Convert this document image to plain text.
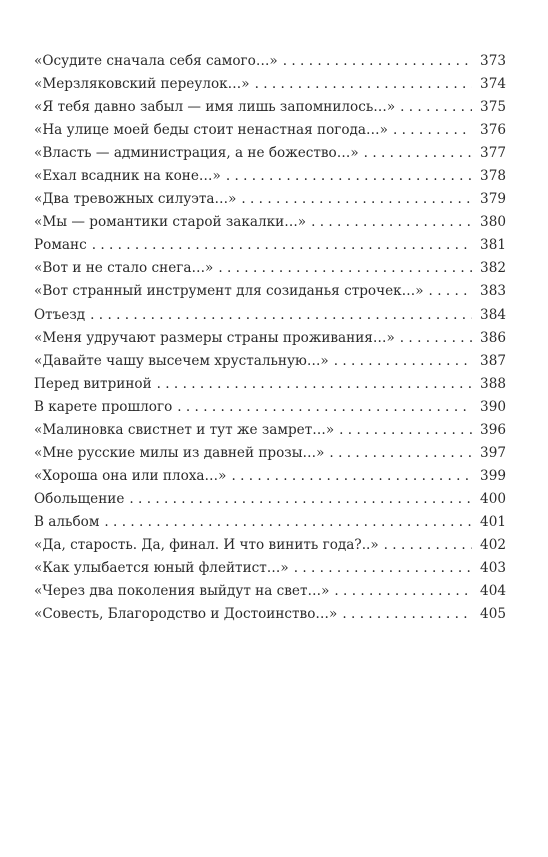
«Осудите сначала себя самого…» . . .	373
«Мерзляковский переулок…» . . .	374
«Я тебя давно забыл — имя лишь запомнилось…» . . .	375
«На улице моей беды стоит ненастная погода…» . . .	376
«Власть — администрация, а не божество…» . . .	377
«Ехал всадник на коне…» . . .	378
«Два тревожных силуэта…» . . .	379
«Мы — романтики старой закалки…» . . .	380
Романс . . .	381
«Вот и не стало снега…» . . .	382
«Вот странный инструмент для созиданья строчек…» . . .	383
Отъезд . . .	384
«Меня удручают размеры страны проживания…» . . .	386
«Давайте чашу высечем хрустальную…» . . .	387
Перед витриной . . .	388
В карете прошлого . . .	390
«Малиновка свистнет и тут же замрет…» . . .	396
«Мне русские милы из давней прозы…» . . .	397
«Хороша она или плоха…» . . .	399
Обольщение . . .	400
В альбом . . .	401
«Да, старость. Да, финал. И что винить года?..» . . .	402
«Как улыбается юный флейтист…» . . .	403
«Через два поколения выйдут на свет…» . . .	404
«Совесть, Благородство и Достоинство…» . . .	405
